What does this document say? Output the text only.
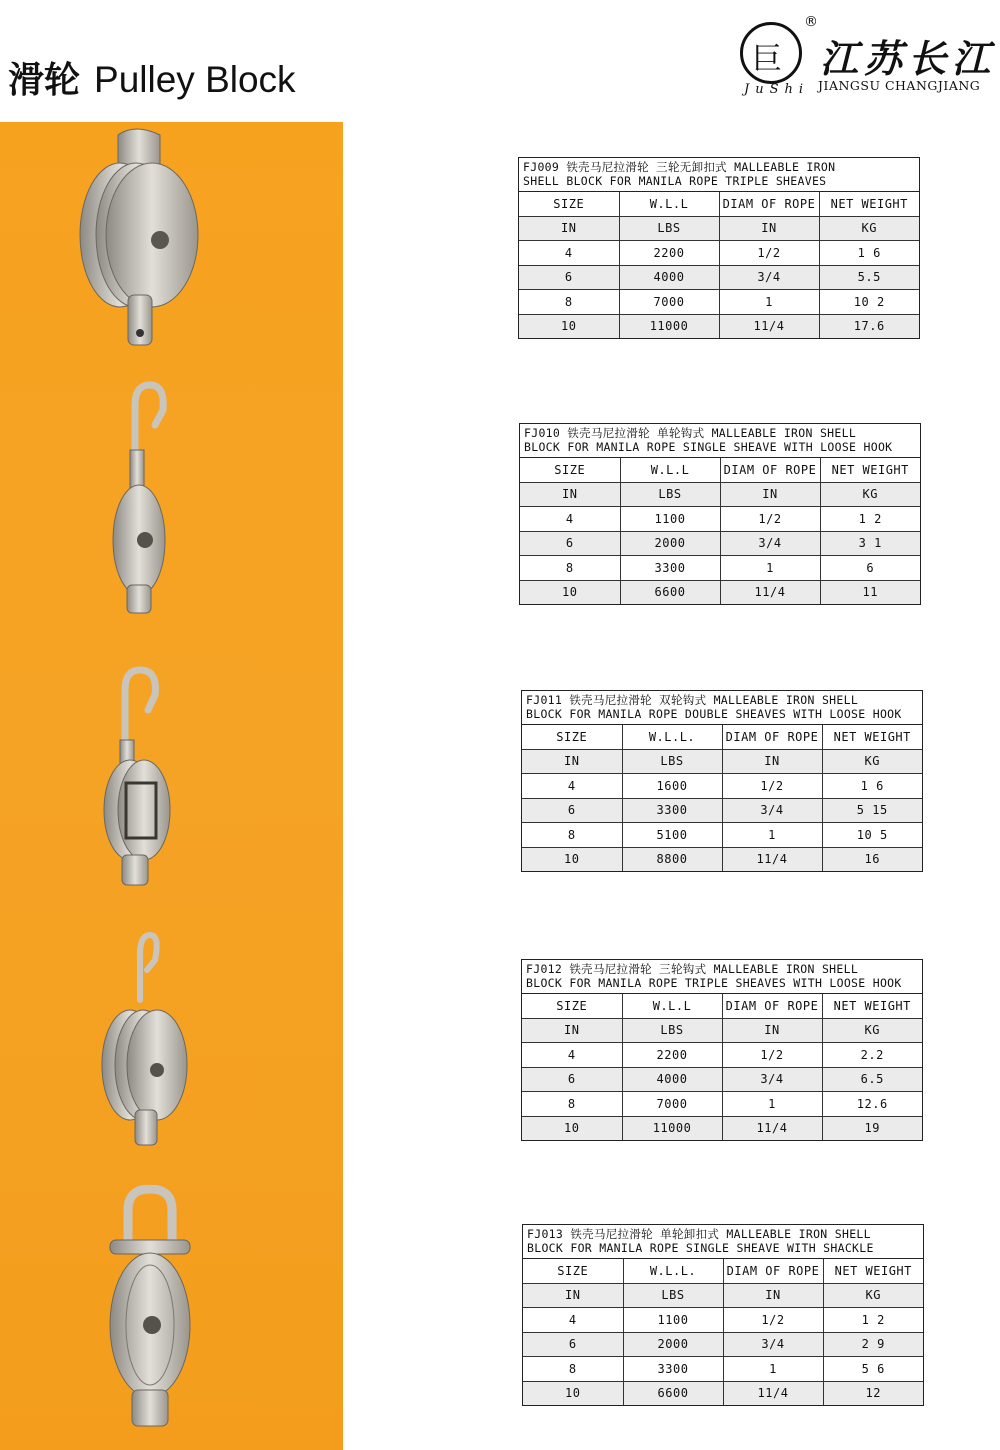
滑轮 Pulley Block	巨
JuShi
®
江苏长江
JIANGSU CHANGJIANG
FJ009 铁壳马尼拉滑轮 三轮无卸扣式 MALLEABLE IRON
SHELL BLOCK FOR MANILA ROPE TRIPLE SHEAVES
SIZE	W.L.L	DIAM OF ROPE	NET WEIGHT
IN	LBS	IN	KG
4	2200	1/2	1 6
6	4000	3/4	5.5
8	7000	1	10 2
10	11000	11/4	17.6
FJ010 铁壳马尼拉滑轮 单轮钩式 MALLEABLE IRON SHELL
BLOCK FOR MANILA ROPE SINGLE SHEAVE WITH LOOSE HOOK
SIZE	W.L.L	DIAM OF ROPE	NET WEIGHT
IN	LBS	IN	KG
4	1100	1/2	1 2
6	2000	3/4	3 1
8	3300	1	6
10	6600	11/4	11
FJ011 铁壳马尼拉滑轮 双轮钩式 MALLEABLE IRON SHELL
BLOCK FOR MANILA ROPE DOUBLE SHEAVES WITH LOOSE HOOK
SIZE	W.L.L.	DIAM OF ROPE	NET WEIGHT
IN	LBS	IN	KG
4	1600	1/2	1 6
6	3300	3/4	5 15
8	5100	1	10 5
10	8800	11/4	16
FJ012 铁壳马尼拉滑轮 三轮钩式 MALLEABLE IRON SHELL
BLOCK FOR MANILA ROPE TRIPLE SHEAVES WITH LOOSE HOOK
SIZE	W.L.L	DIAM OF ROPE	NET WEIGHT
IN	LBS	IN	KG
4	2200	1/2	2.2
6	4000	3/4	6.5
8	7000	1	12.6
10	11000	11/4	19
FJ013 铁壳马尼拉滑轮 单轮卸扣式 MALLEABLE IRON SHELL
BLOCK FOR MANILA ROPE SINGLE SHEAVE WITH SHACKLE
SIZE	W.L.L.	DIAM OF ROPE	NET WEIGHT
IN	LBS	IN	KG
4	1100	1/2	1 2
6	2000	3/4	2 9
8	3300	1	5 6
10	6600	11/4	12
